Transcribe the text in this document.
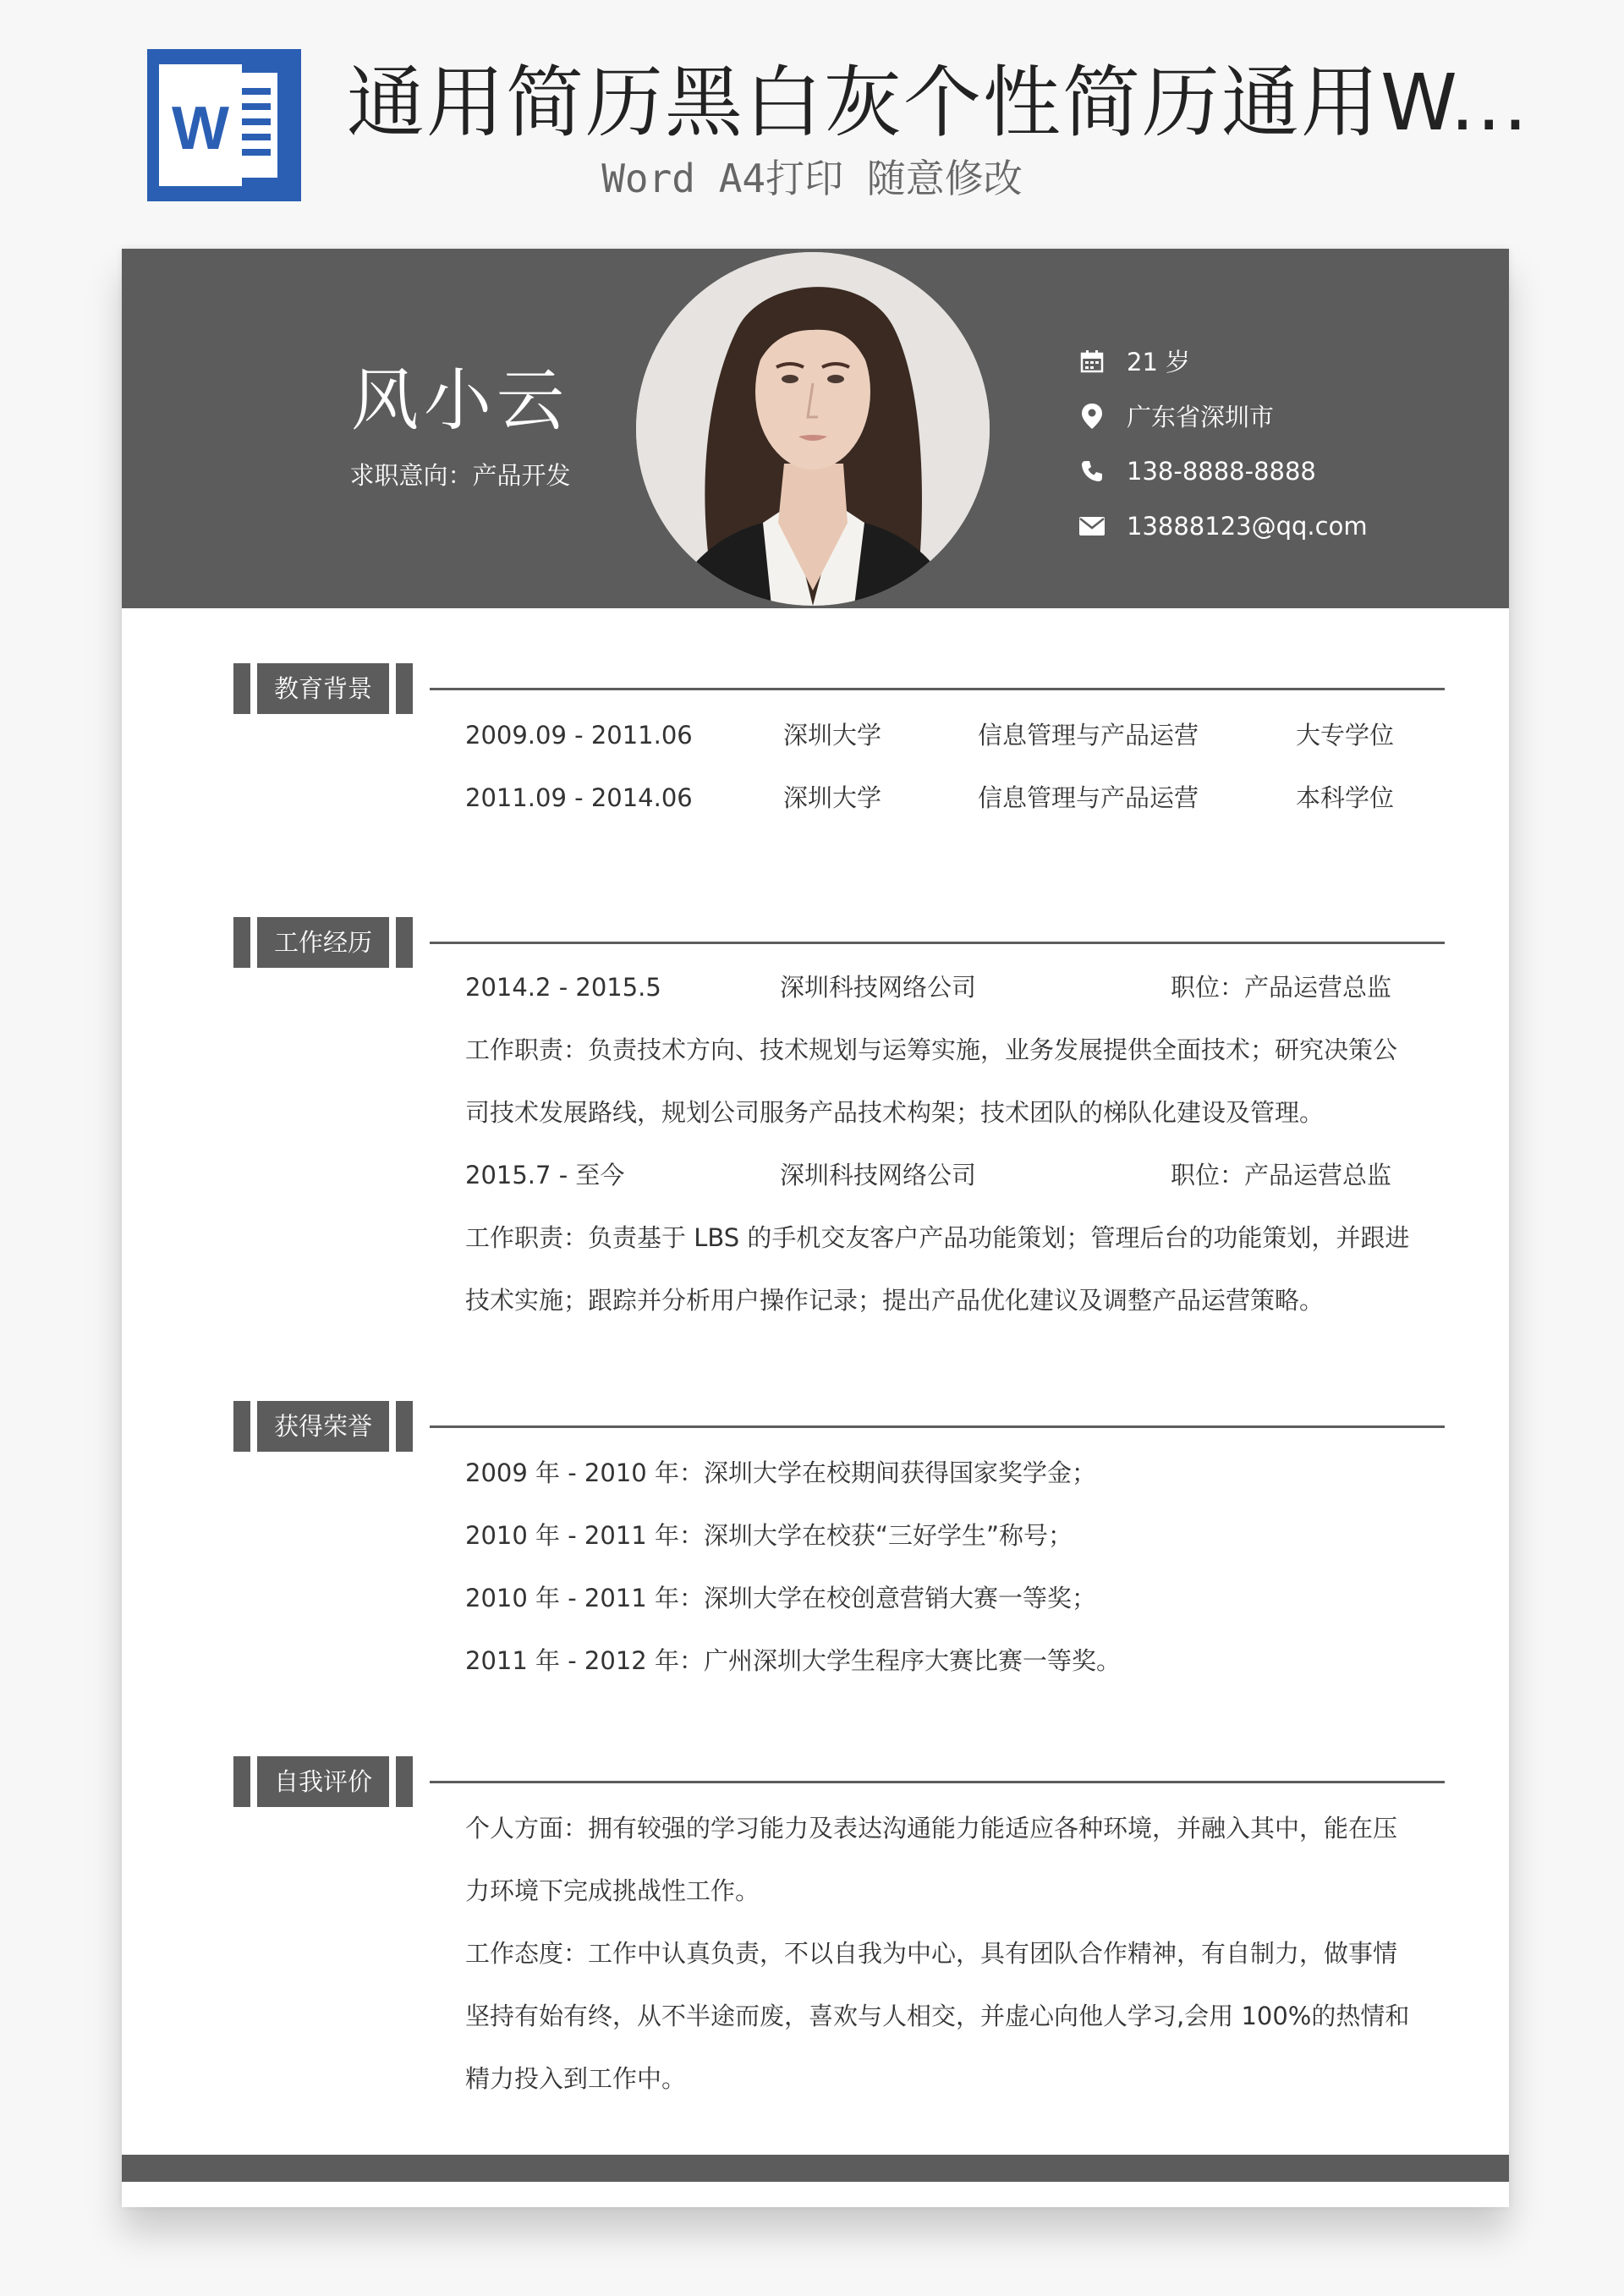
W 通用简历黑白灰个性简历通用W...
Word A4打印 随意修改
风小云
求职意向：产品开发
21 岁
广东省深圳市
138-8888-8888
13888123@qq.com
教育背景
2009.09 - 2011.06	深圳大学	信息管理与产品运营	大专学位
2011.09 - 2014.06	深圳大学	信息管理与产品运营	本科学位
工作经历
2014.2 - 2015.5	深圳科技网络公司	职位：产品运营总监
工作职责：负责技术方向、技术规划与运筹实施，业务发展提供全面技术；研究决策公
司技术发展路线，规划公司服务产品技术构架；技术团队的梯队化建设及管理。
2015.7 - 至今	深圳科技网络公司	职位：产品运营总监
工作职责：负责基于 LBS 的手机交友客户产品功能策划；管理后台的功能策划，并跟进
技术实施；跟踪并分析用户操作记录；提出产品优化建议及调整产品运营策略。
获得荣誉
2009 年 - 2010 年：深圳大学在校期间获得国家奖学金；
2010 年 - 2011 年：深圳大学在校获“三好学生”称号；
2010 年 - 2011 年：深圳大学在校创意营销大赛一等奖；
2011 年 - 2012 年：广州深圳大学生程序大赛比赛一等奖。
自我评价
个人方面：拥有较强的学习能力及表达沟通能力能适应各种环境，并融入其中，能在压
力环境下完成挑战性工作。
工作态度：工作中认真负责，不以自我为中心，具有团队合作精神，有自制力，做事情
坚持有始有终，从不半途而废，喜欢与人相交，并虚心向他人学习,会用 100%的热情和
精力投入到工作中。
